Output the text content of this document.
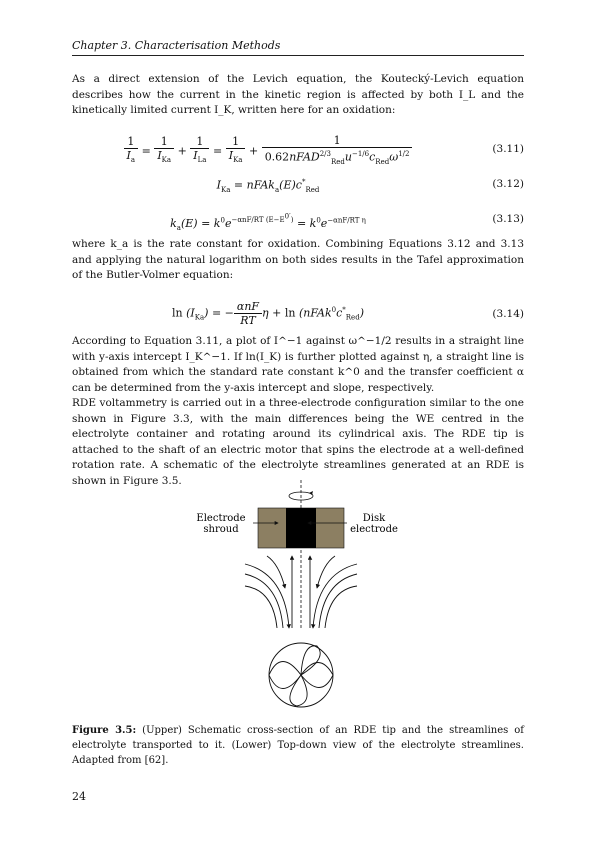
Chapter 3. Characterisation Methods

As a direct extension of the Levich equation, the Koutecký-Levich equation describes how the current in the kinetic region is affected by both I_L and the kinetically limited current I_K, written here for an oxidation:

$\frac{1}{I_a} = \frac{1}{I_{Ka}} + \frac{1}{I_{La}} = \frac{1}{I_{Ka}} + \frac{1}{0.62nFAD^{2/3}_{Red}u^{-1/6}c_{Red}\omega^{1/2}}$	(3.11)
$I_{Ka}$ = $nFAk_a(E)c^*_{Red}$	(3.12)
$k_a(E) = k^0e^{-\alpha nF/RT (E-E^{0'})} = k^0e^{-\alpha nF/RT \eta}$	(3.13)

where k_a is the rate constant for oxidation. Combining Equations 3.12 and 3.13 and applying the natural logarithm on both sides results in the Tafel approximation of the Butler-Volmer equation:

$\ln (I_{Ka})$ = − $\frac{\text{αnF}}{RT}$ $\eta + \ln (nFAk^0c^*_{Red})$	(3.14)

According to Equation 3.11, a plot of I^−1 against ω^−1/2 results in a straight line with y-axis intercept I_K^−1. If ln(I_K) is further plotted against η, a straight line is obtained from which the standard rate constant k^0 and the transfer coefficient α can be determined from the y-axis intercept and slope, respectively.

RDE voltammetry is carried out in a three-electrode configuration similar to the one shown in Figure 3.3, with the main differences being the WE centred in the electrolyte container and rotating around its cylindrical axis. The RDE tip is attached to the shaft of an electric motor that spins the electrode at a well-defined rotation rate. A schematic of the electrolyte streamlines generated at an RDE is shown in Figure 3.5.

Electrode
shroud
Disk
electrode

Figure 3.5: (Upper) Schematic cross-section of an RDE tip and the streamlines of electrolyte transported to it. (Lower) Top-down view of the electrolyte streamlines. Adapted from [62].

24
